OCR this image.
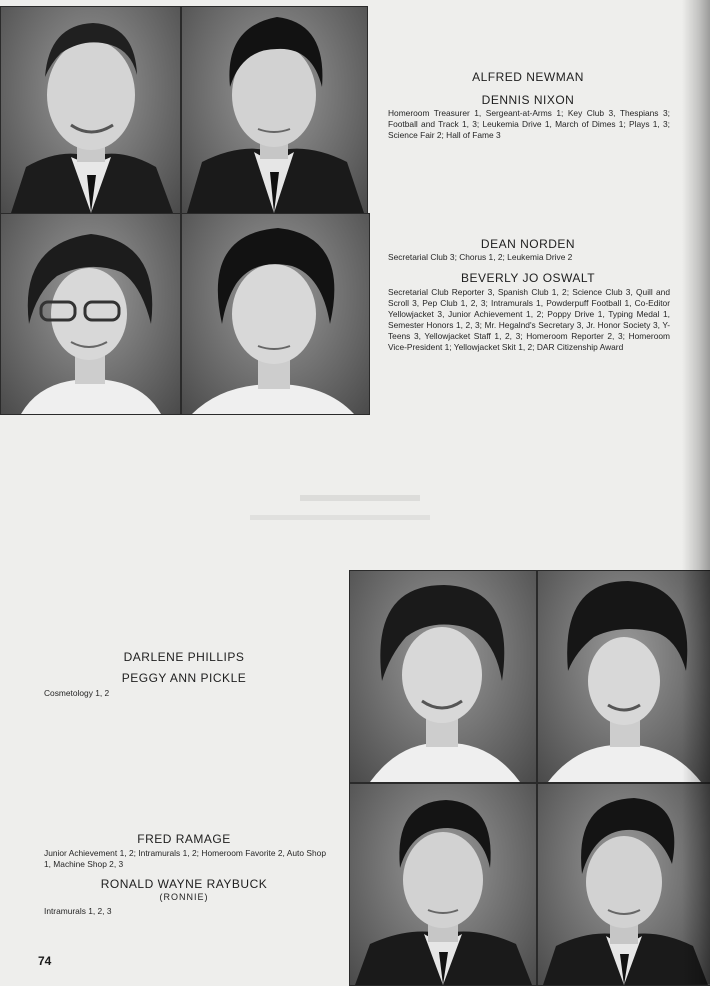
ALFRED NEWMAN
DENNIS NIXON
Homeroom Treasurer 1, Sergeant-at-Arms 1; Key Club 3, Thespians 3; Football and Track 1, 3; Leukemia Drive 1, March of Dimes 1; Plays 1, 3; Science Fair 2; Hall of Fame 3
DEAN NORDEN
Secretarial Club 3; Chorus 1, 2; Leukemia Drive 2
BEVERLY JO OSWALT
Secretarial Club Reporter 3, Spanish Club 1, 2; Science Club 3, Quill and Scroll 3, Pep Club 1, 2, 3; Intramurals 1, Powderpuff Football 1, Co-Editor Yellowjacket 3, Junior Achievement 1, 2; Poppy Drive 1, Typing Medal 1, Semester Honors 1, 2, 3; Mr. Hegalnd's Secretary 3, Jr. Honor Society 3, Y-Teens 3, Yellowjacket Staff 1, 2, 3; Homeroom Reporter 2, 3; Homeroom Vice-President 1; Yellowjacket Skit 1, 2; DAR Citizenship Award
DARLENE PHILLIPS
PEGGY ANN PICKLE
Cosmetology 1, 2
FRED RAMAGE
Junior Achievement 1, 2; Intramurals 1, 2; Homeroom Favorite 2, Auto Shop 1, Machine Shop 2, 3
RONALD WAYNE RAYBUCK
(RONNIE)
Intramurals 1, 2, 3
74
